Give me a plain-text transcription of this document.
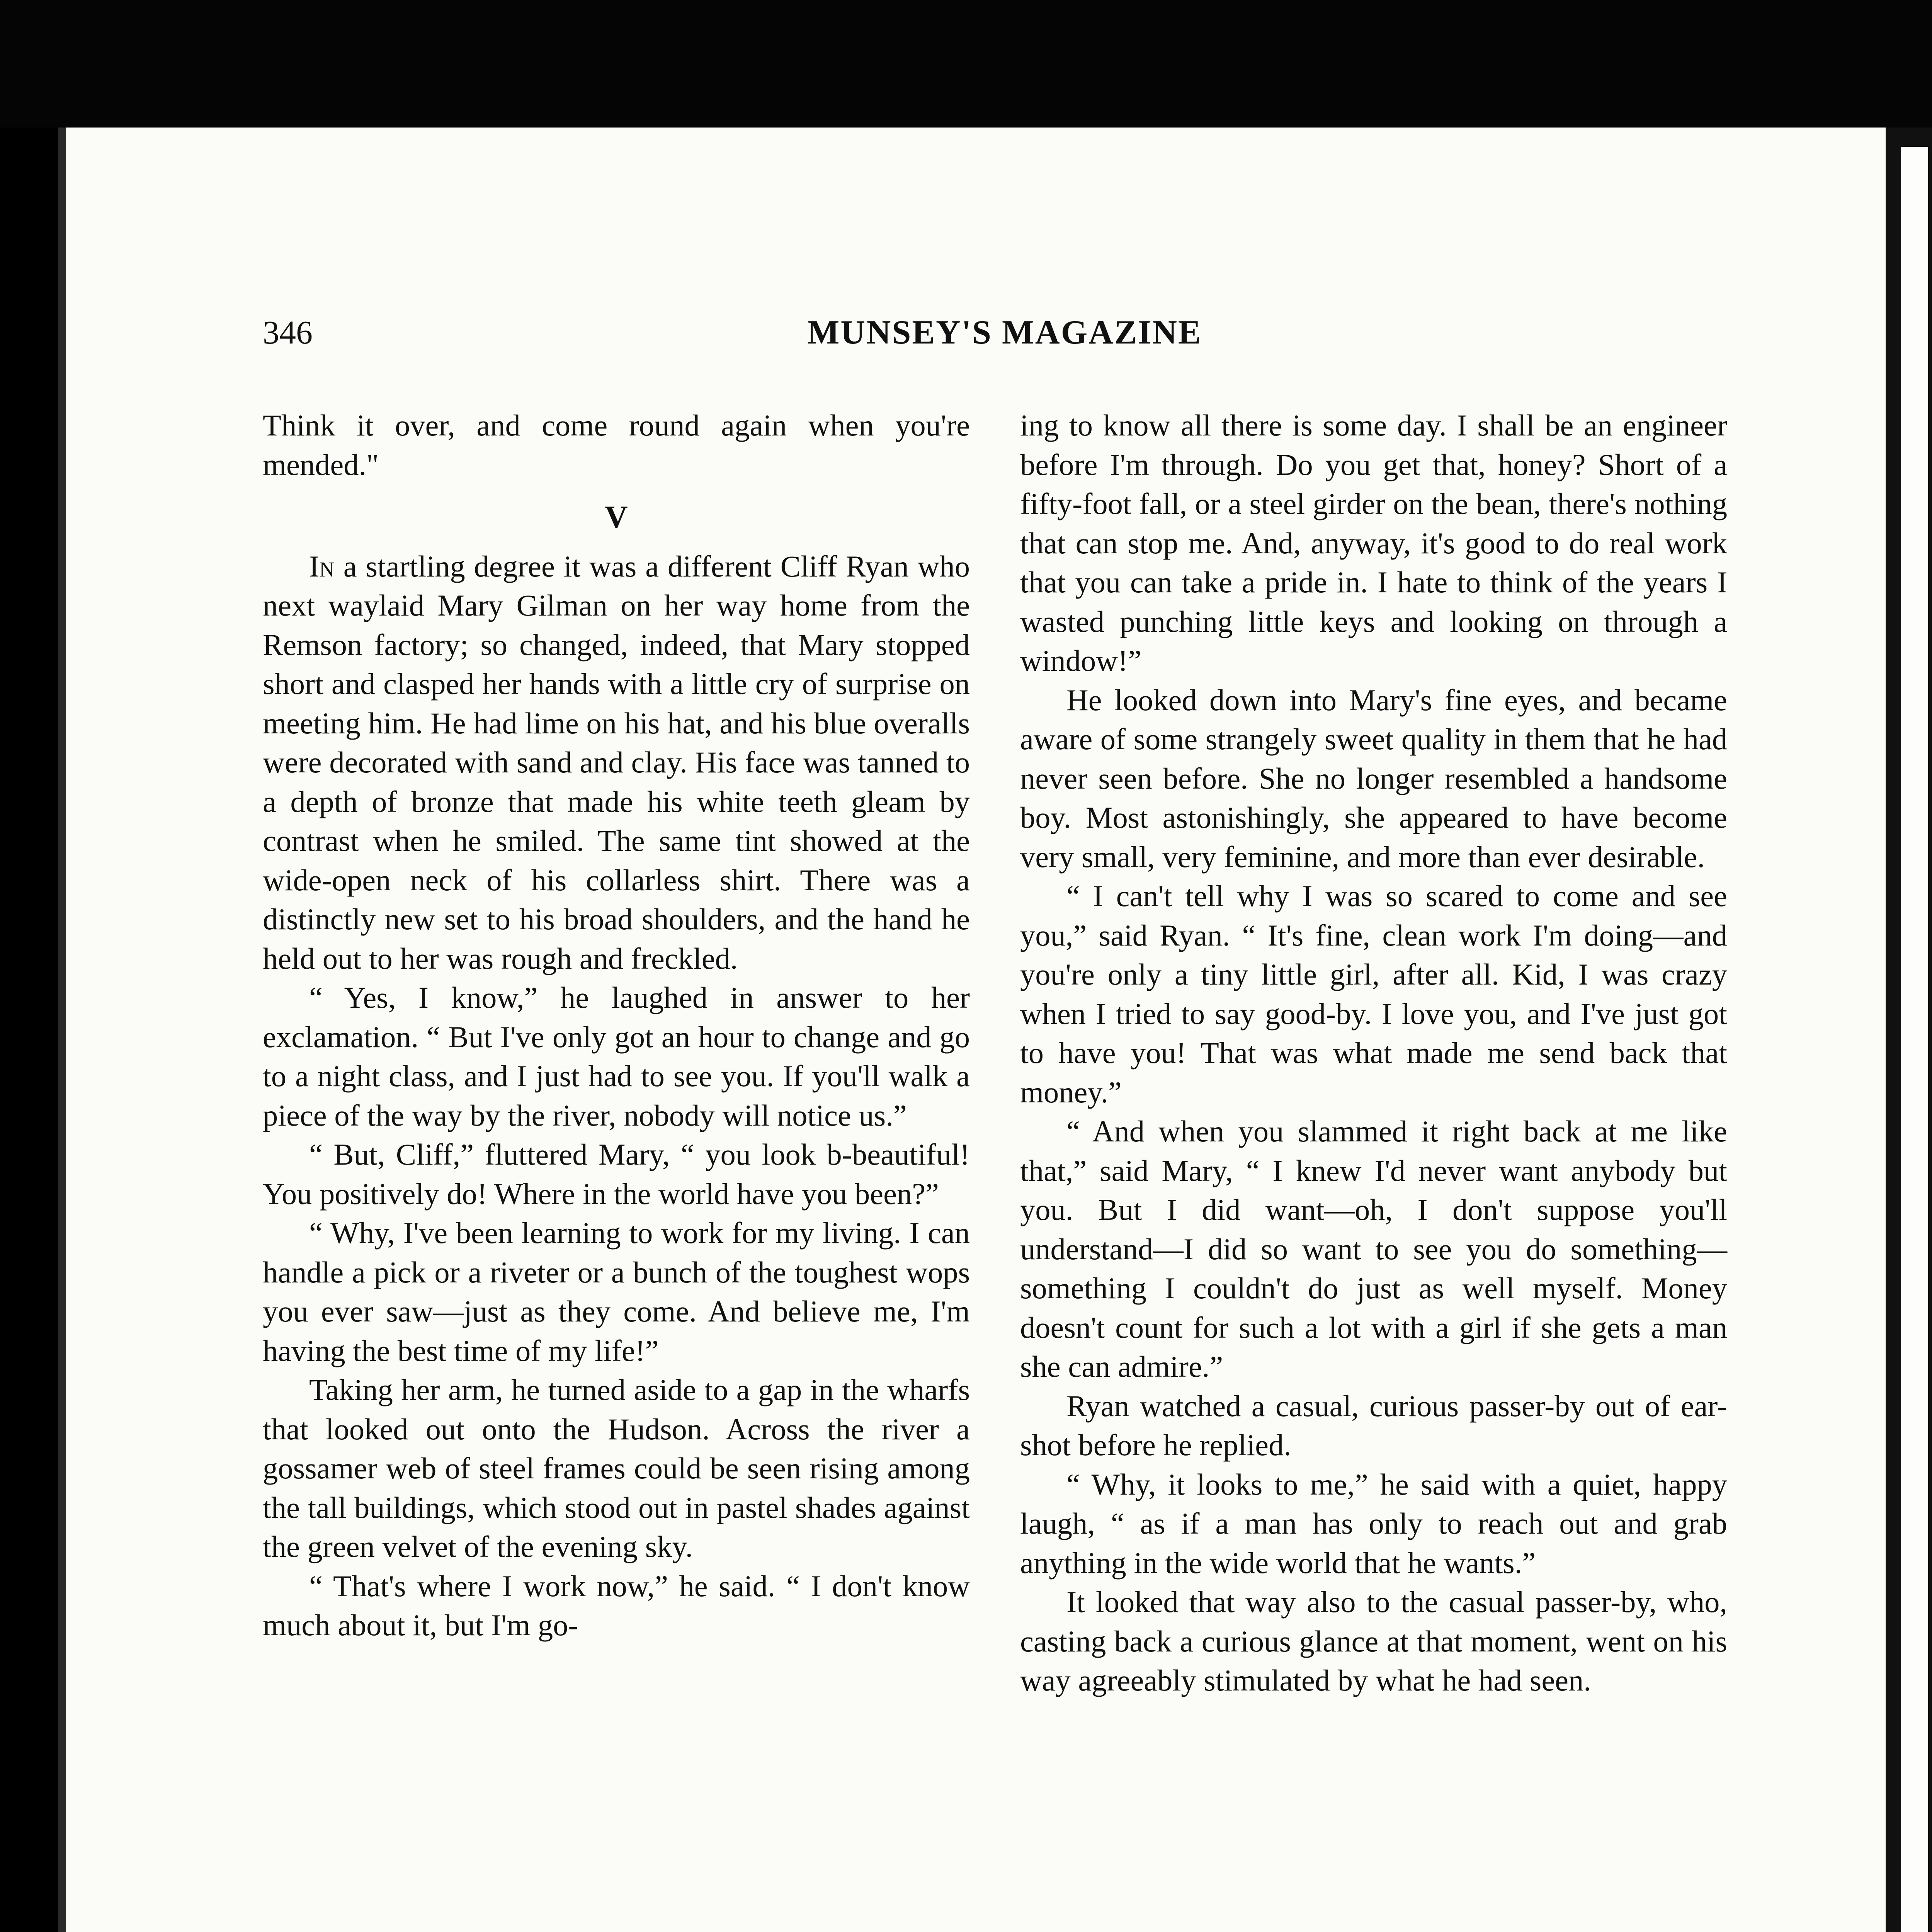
346	MUNSEY'S MAGAZINE

Think it over, and come round again when you're mended."

V

In a startling degree it was a different Cliff Ryan who next waylaid Mary Gilman on her way home from the Remson factory; so changed, indeed, that Mary stopped short and clasped her hands with a little cry of surprise on meeting him. He had lime on his hat, and his blue overalls were decorated with sand and clay. His face was tanned to a depth of bronze that made his white teeth gleam by contrast when he smiled. The same tint showed at the wide-open neck of his collarless shirt. There was a distinctly new set to his broad shoulders, and the hand he held out to her was rough and freckled.

“ Yes, I know,” he laughed in answer to her exclamation. “ But I've only got an hour to change and go to a night class, and I just had to see you. If you'll walk a piece of the way by the river, nobody will notice us.”

“ But, Cliff,” fluttered Mary, “ you look b-beautiful! You positively do! Where in the world have you been?”

“ Why, I've been learning to work for my living. I can handle a pick or a riveter or a bunch of the toughest wops you ever saw—just as they come. And believe me, I'm having the best time of my life!”

Taking her arm, he turned aside to a gap in the wharfs that looked out onto the Hudson. Across the river a gossamer web of steel frames could be seen rising among the tall buildings, which stood out in pastel shades against the green velvet of the evening sky.

“ That's where I work now,” he said. “ I don't know much about it, but I'm go-

ing to know all there is some day. I shall be an engineer before I'm through. Do you get that, honey? Short of a fifty-foot fall, or a steel girder on the bean, there's nothing that can stop me. And, anyway, it's good to do real work that you can take a pride in. I hate to think of the years I wasted punching little keys and looking on through a window!”

He looked down into Mary's fine eyes, and became aware of some strangely sweet quality in them that he had never seen before. She no longer resembled a handsome boy. Most astonishingly, she appeared to have become very small, very feminine, and more than ever desirable.

“ I can't tell why I was so scared to come and see you,” said Ryan. “ It's fine, clean work I'm doing—and you're only a tiny little girl, after all. Kid, I was crazy when I tried to say good-by. I love you, and I've just got to have you! That was what made me send back that money.”

“ And when you slammed it right back at me like that,” said Mary, “ I knew I'd never want anybody but you. But I did want—oh, I don't suppose you'll understand—I did so want to see you do something—something I couldn't do just as well myself. Money doesn't count for such a lot with a girl if she gets a man she can admire.”

Ryan watched a casual, curious passer-by out of ear-shot before he replied.

“ Why, it looks to me,” he said with a quiet, happy laugh, “ as if a man has only to reach out and grab anything in the wide world that he wants.”

It looked that way also to the casual passer-by, who, casting back a curious glance at that moment, went on his way agreeably stimulated by what he had seen.
